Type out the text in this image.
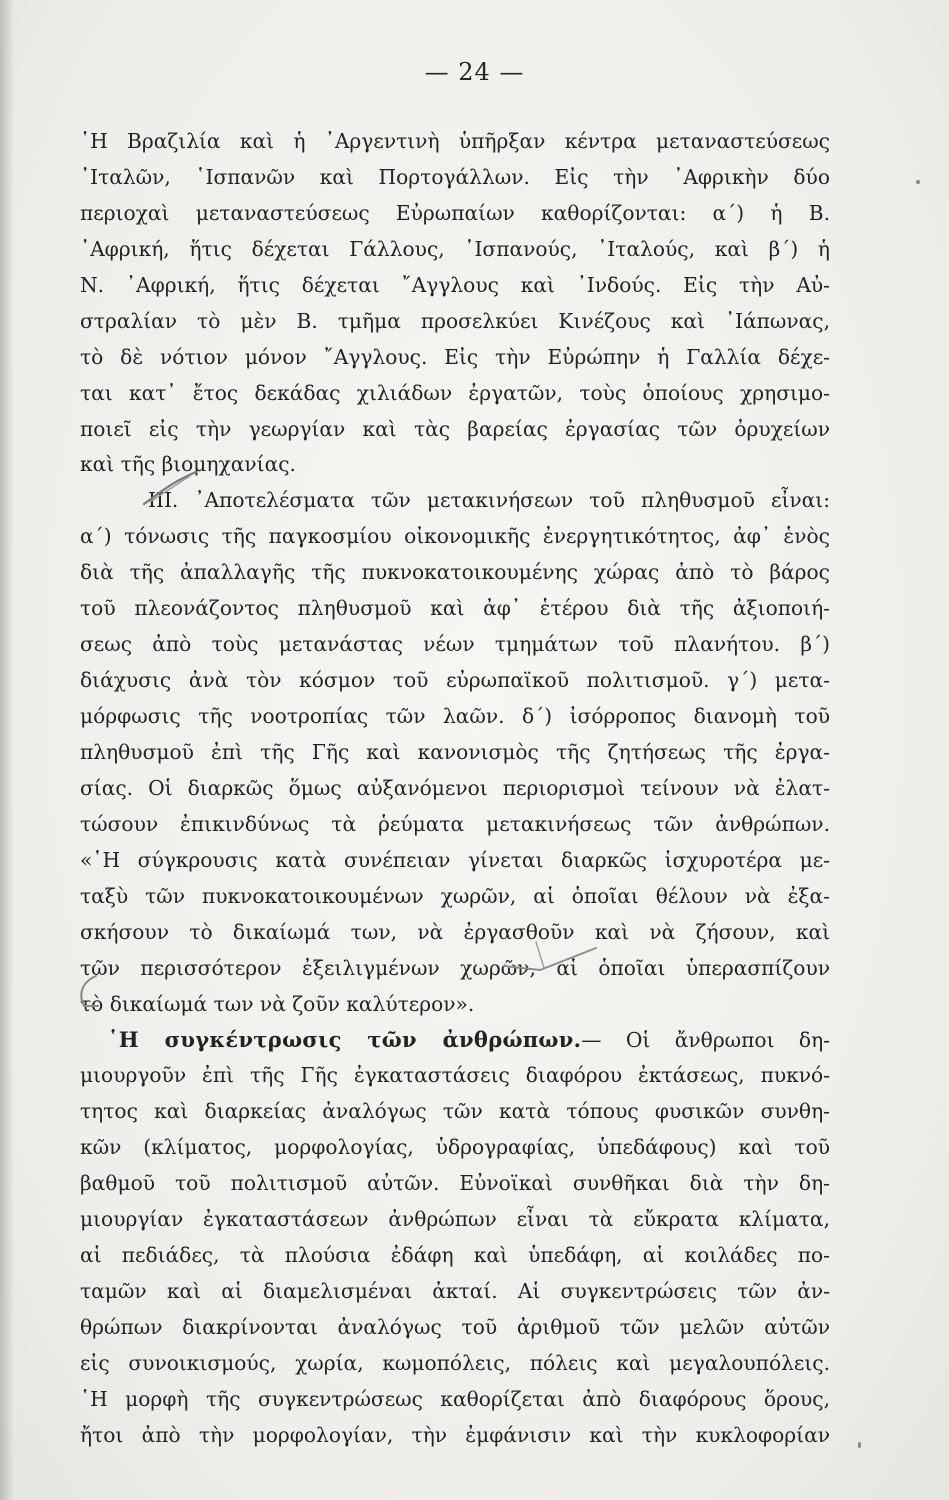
— 24 —
῾Η Βραζιλία καὶ ἡ ᾿Αργεντινὴ ὑπῆρξαν κέντρα μεταναστεύσεως
᾿Ιταλῶν, ῾Ισπανῶν καὶ Πορτογάλλων. Εἰς τὴν ᾿Αφρικὴν δύο
περιοχαὶ μεταναστεύσεως Εὐρωπαίων καθορίζονται: α΄) ἡ Β.
᾿Αφρική, ἥτις δέχεται Γάλλους, ῾Ισπανούς, ᾿Ιταλούς, καὶ β΄) ἡ
Ν. ᾿Αφρική, ἥτις δέχεται ῎Αγγλους καὶ ᾿Ινδούς. Εἰς τὴν Αὐ-
στραλίαν τὸ μὲν Β. τμῆμα προσελκύει Κινέζους καὶ ᾿Ιάπωνας,
τὸ δὲ νότιον μόνον ῎Αγγλους. Εἰς τὴν Εὐρώπην ἡ Γαλλία δέχε-
ται κατ᾿ ἔτος δεκάδας χιλιάδων ἐργατῶν, τοὺς ὁποίους χρησιμο-
ποιεῖ εἰς τὴν γεωργίαν καὶ τὰς βαρείας ἐργασίας τῶν ὀρυχείων
καὶ τῆς βιομηχανίας.
III. ᾿Αποτελέσματα τῶν μετακινήσεων τοῦ πληθυσμοῦ εἶναι:
α΄) τόνωσις τῆς παγκοσμίου οἰκονομικῆς ἐνεργητικότητος, ἀφ᾿ ἑνὸς
διὰ τῆς ἀπαλλαγῆς τῆς πυκνοκατοικουμένης χώρας ἀπὸ τὸ βάρος
τοῦ πλεονάζοντος πληθυσμοῦ καὶ ἀφ᾿ ἑτέρου διὰ τῆς ἀξιοποιή-
σεως ἀπὸ τοὺς μετανάστας νέων τμημάτων τοῦ πλανήτου. β΄)
διάχυσις ἀνὰ τὸν κόσμον τοῦ εὐρωπαϊκοῦ πολιτισμοῦ. γ΄) μετα-
μόρφωσις τῆς νοοτροπίας τῶν λαῶν. δ΄) ἰσόρροπος διανομὴ τοῦ
πληθυσμοῦ ἐπὶ τῆς Γῆς καὶ κανονισμὸς τῆς ζητήσεως τῆς ἐργα-
σίας. Οἱ διαρκῶς ὅμως αὐξανόμενοι περιορισμοὶ τείνουν νὰ ἐλατ-
τώσουν ἐπικινδύνως τὰ ῥεύματα μετακινήσεως τῶν ἀνθρώπων.
«῾Η σύγκρουσις κατὰ συνέπειαν γίνεται διαρκῶς ἰσχυροτέρα με-
ταξὺ τῶν πυκνοκατοικουμένων χωρῶν, αἱ ὁποῖαι θέλουν νὰ ἐξα-
σκήσουν τὸ δικαίωμά των, νὰ ἐργασθοῦν καὶ νὰ ζήσουν, καὶ
τῶν περισσότερον ἐξειλιγμένων χωρῶν, αἱ ὁποῖαι ὑπερασπίζουν
τὸ δικαίωμά των νὰ ζοῦν καλύτερον».
῾Η συγκέντρωσις τῶν ἀνθρώπων.— Οἱ ἄνθρωποι δη-
μιουργοῦν ἐπὶ τῆς Γῆς ἐγκαταστάσεις διαφόρου ἐκτάσεως, πυκνό-
τητος καὶ διαρκείας ἀναλόγως τῶν κατὰ τόπους φυσικῶν συνθη-
κῶν (κλίματος, μορφολογίας, ὑδρογραφίας, ὑπεδάφους) καὶ τοῦ
βαθμοῦ τοῦ πολιτισμοῦ αὐτῶν. Εὐνοϊκαὶ συνθῆκαι διὰ τὴν δη-
μιουργίαν ἐγκαταστάσεων ἀνθρώπων εἶναι τὰ εὔκρατα κλίματα,
αἱ πεδιάδες, τὰ πλούσια ἐδάφη καὶ ὑπεδάφη, αἱ κοιλάδες πο-
ταμῶν καὶ αἱ διαμελισμέναι ἀκταί. Αἱ συγκεντρώσεις τῶν ἀν-
θρώπων διακρίνονται ἀναλόγως τοῦ ἀριθμοῦ τῶν μελῶν αὐτῶν
εἰς συνοικισμούς, χωρία, κωμοπόλεις, πόλεις καὶ μεγαλουπόλεις.
῾Η μορφὴ τῆς συγκεντρώσεως καθορίζεται ἀπὸ διαφόρους ὅρους,
ἤτοι ἀπὸ τὴν μορφολογίαν, τὴν ἐμφάνισιν καὶ τὴν κυκλοφορίαν
